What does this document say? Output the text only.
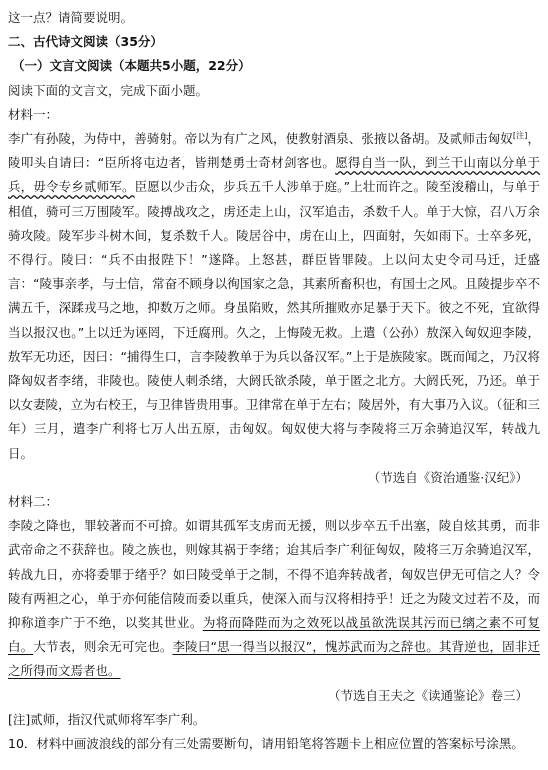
这一点？请简要说明。
二、古代诗文阅读（35分）
（一）文言文阅读（本题共5小题，22分）
阅读下面的文言文，完成下面小题。
材料一：
李广有孙陵，为侍中，善骑射。帝以为有广之风，使教射酒泉、张掖以备胡。及贰师击匈奴[注]，陵叩头自请曰：“臣所将屯边者，皆荆楚勇士奇材剑客也。愿得自当一队，到兰干山南以分单于兵，毋令专乡贰师军。臣愿以少击众，步兵五千人涉单于庭。”上壮而许之。陵至浚稽山，与单于相值，骑可三万围陵军。陵搏战攻之，虏还走上山，汉军追击，杀数千人。单于大惊，召八万余骑攻陵。陵军步斗树木间，复杀数千人。陵居谷中，虏在山上，四面射，矢如雨下。士卒多死，不得行。陵曰：“兵不由报陛下！”遂降。上怒甚，群臣皆罪陵。上以问太史令司马迁，迁盛言：“陵事亲孝，与士信，常奋不顾身以徇国家之急，其素所畜积也，有国士之风。且陵提步卒不满五千，深蹂戎马之地，抑数万之师。身虽陷败，然其所摧败亦足暴于天下。彼之不死，宜欲得当以报汉也。”上以迁为诬罔，下迁腐刑。久之，上悔陵无救。上遣（公孙）敖深入匈奴迎李陵，敖军无功还，因曰：“捕得生口，言李陵教单于为兵以备汉军。”上于是族陵家。既而闻之，乃汉将降匈奴者李绪，非陵也。陵使人刺杀绪，大阏氏欲杀陵，单于匿之北方。大阏氏死，乃还。单于以女妻陵，立为右校王，与卫律皆贵用事。卫律常在单于左右；陵居外，有大事乃入议。（征和三年）三月，遣李广利将七万人出五原，击匈奴。匈奴使大将与李陵将三万余骑追汉军，转战九日。
（节选自《资治通鉴·汉纪》）
材料二：
李陵之降也，罪较著而不可揜。如谓其孤军支虏而无援，则以步卒五千出塞，陵自炫其勇，而非武帝命之不获辞也。陵之族也，则嫁其祸于李绪；迨其后李广利征匈奴，陵将三万余骑追汉军，转战九日，亦将委罪于绪乎？如曰陵受单于之制，不得不追奔转战者，匈奴岂伊无可信之人？令陵有两袒之心，单于亦何能信陵而委以重兵，使深入而与汉将相持乎！迁之为陵文过若不及，而抑称道李广于不绝，以奖其世业。为将而降陛而为之效死以战虽欲洗误其污而已缡之素不可复白。大节表，则余无可完也。李陵曰“思一得当以报汉”，愧苏武而为之辞也。其背逆也，固非迁之所得而文焉者也。
（节选自王夫之《读通鉴论》卷三）
[注]贰师，指汉代贰师将军李广利。
10．材料中画波浪线的部分有三处需要断句，请用铅笔将答题卡上相应位置的答案标号涂黑。
